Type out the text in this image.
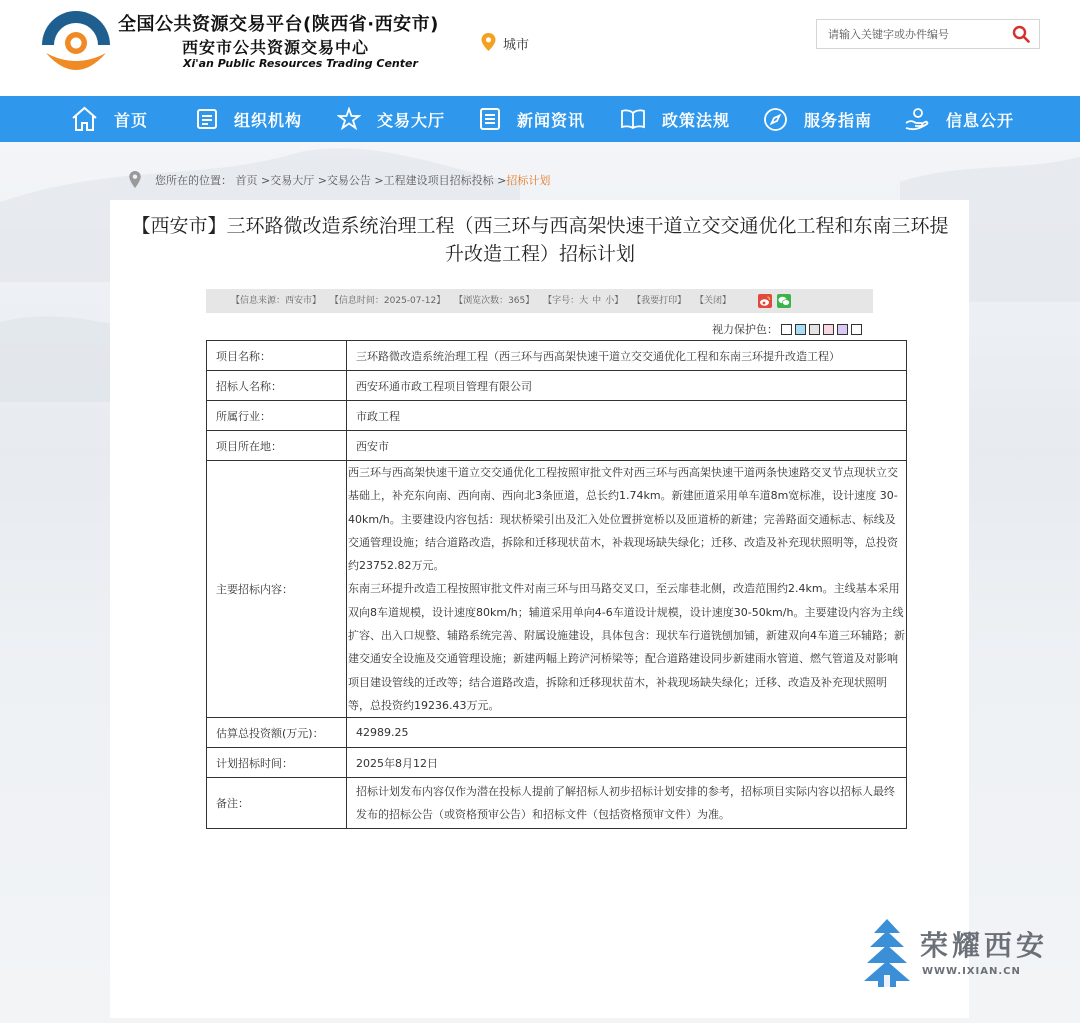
全国公共资源交易平台(陕西省·西安市)
西安市公共资源交易中心
Xi'an Public Resources Trading Center
城市
请输入关键字或办件编号
首页	组织机构	交易大厅	新闻资讯	政策法规	服务指南	信息公开
您所在的位置： 首页 >交易大厅 >交易公告 >工程建设项目招标投标 >招标计划
【西安市】三环路微改造系统治理工程（西三环与西高架快速干道立交交通优化工程和东南三环提升改造工程）招标计划
【信息来源：西安市】 【信息时间：2025-07-12】 【浏览次数：365】 【字号：大 中 小】 【我要打印】 【关闭】
视力保护色：
项目名称：	三环路微改造系统治理工程（西三环与西高架快速干道立交交通优化工程和东南三环提升改造工程）
招标人名称：	西安环通市政工程项目管理有限公司
所属行业：	市政工程
项目所在地：	西安市
主要招标内容：	西三环与西高架快速干道立交交通优化工程按照审批文件对西三环与西高架快速干道两条快速路交叉节点现状立交基础上，补充东向南、西向南、西向北3条匝道，总长约1.74km。新建匝道采用单车道8m宽标准，设计速度 30-40km/h。主要建设内容包括：现状桥梁引出及汇入处位置拼宽桥以及匝道桥的新建；完善路面交通标志、标线及交通管理设施；结合道路改造，拆除和迁移现状苗木，补栽现场缺失绿化；迁移、改造及补充现状照明等，总投资约23752.82万元。
东南三环提升改造工程按照审批文件对南三环与田马路交叉口，至云扉巷北侧，改造范围约2.4km。主线基本采用双向8车道规模，设计速度80km/h；辅道采用单向4-6车道设计规模，设计速度30-50km/h。主要建设内容为主线扩容、出入口规整、辅路系统完善、附属设施建设，具体包含：现状车行道铣刨加铺，新建双向4车道三环辅路；新建交通安全设施及交通管理设施；新建两幅上跨浐河桥梁等；配合道路建设同步新建雨水管道、燃气管道及对影响项目建设管线的迁改等；结合道路改造，拆除和迁移现状苗木，补栽现场缺失绿化；迁移、改造及补充现状照明等，总投资约19236.43万元。

估算总投资额(万元)：	42989.25
计划招标时间：	2025年8月12日
备注：	招标计划发布内容仅作为潜在投标人提前了解招标人初步招标计划安排的参考，招标项目实际内容以招标人最终发布的招标公告（或资格预审公告）和招标文件（包括资格预审文件）为准。
荣耀西安
WWW.IXIAN.CN
